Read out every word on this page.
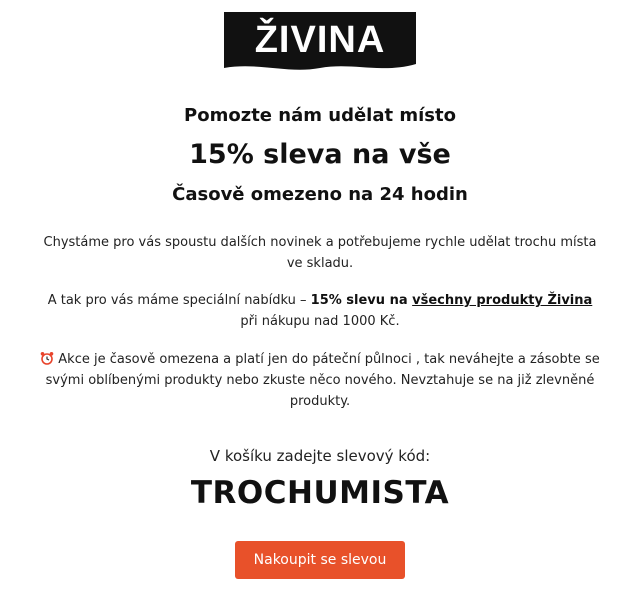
ŽIVINA
Pomozte nám udělat místo
15% sleva na vše
Časově omezeno na 24 hodin
Chystáme pro vás spoustu dalších novinek a potřebujeme rychle udělat trochu místa ve skladu.
A tak pro vás máme speciální nabídku – 15% slevu na všechny produkty Živina při nákupu nad 1000 Kč.
Akce je časově omezena a platí jen do páteční půlnoci , tak neváhejte a zásobte se svými oblíbenými produkty nebo zkuste něco nového. Nevztahuje se na již zlevněné produkty.
V košíku zadejte slevový kód:
TROCHUMISTA
Nakoupit se slevou
